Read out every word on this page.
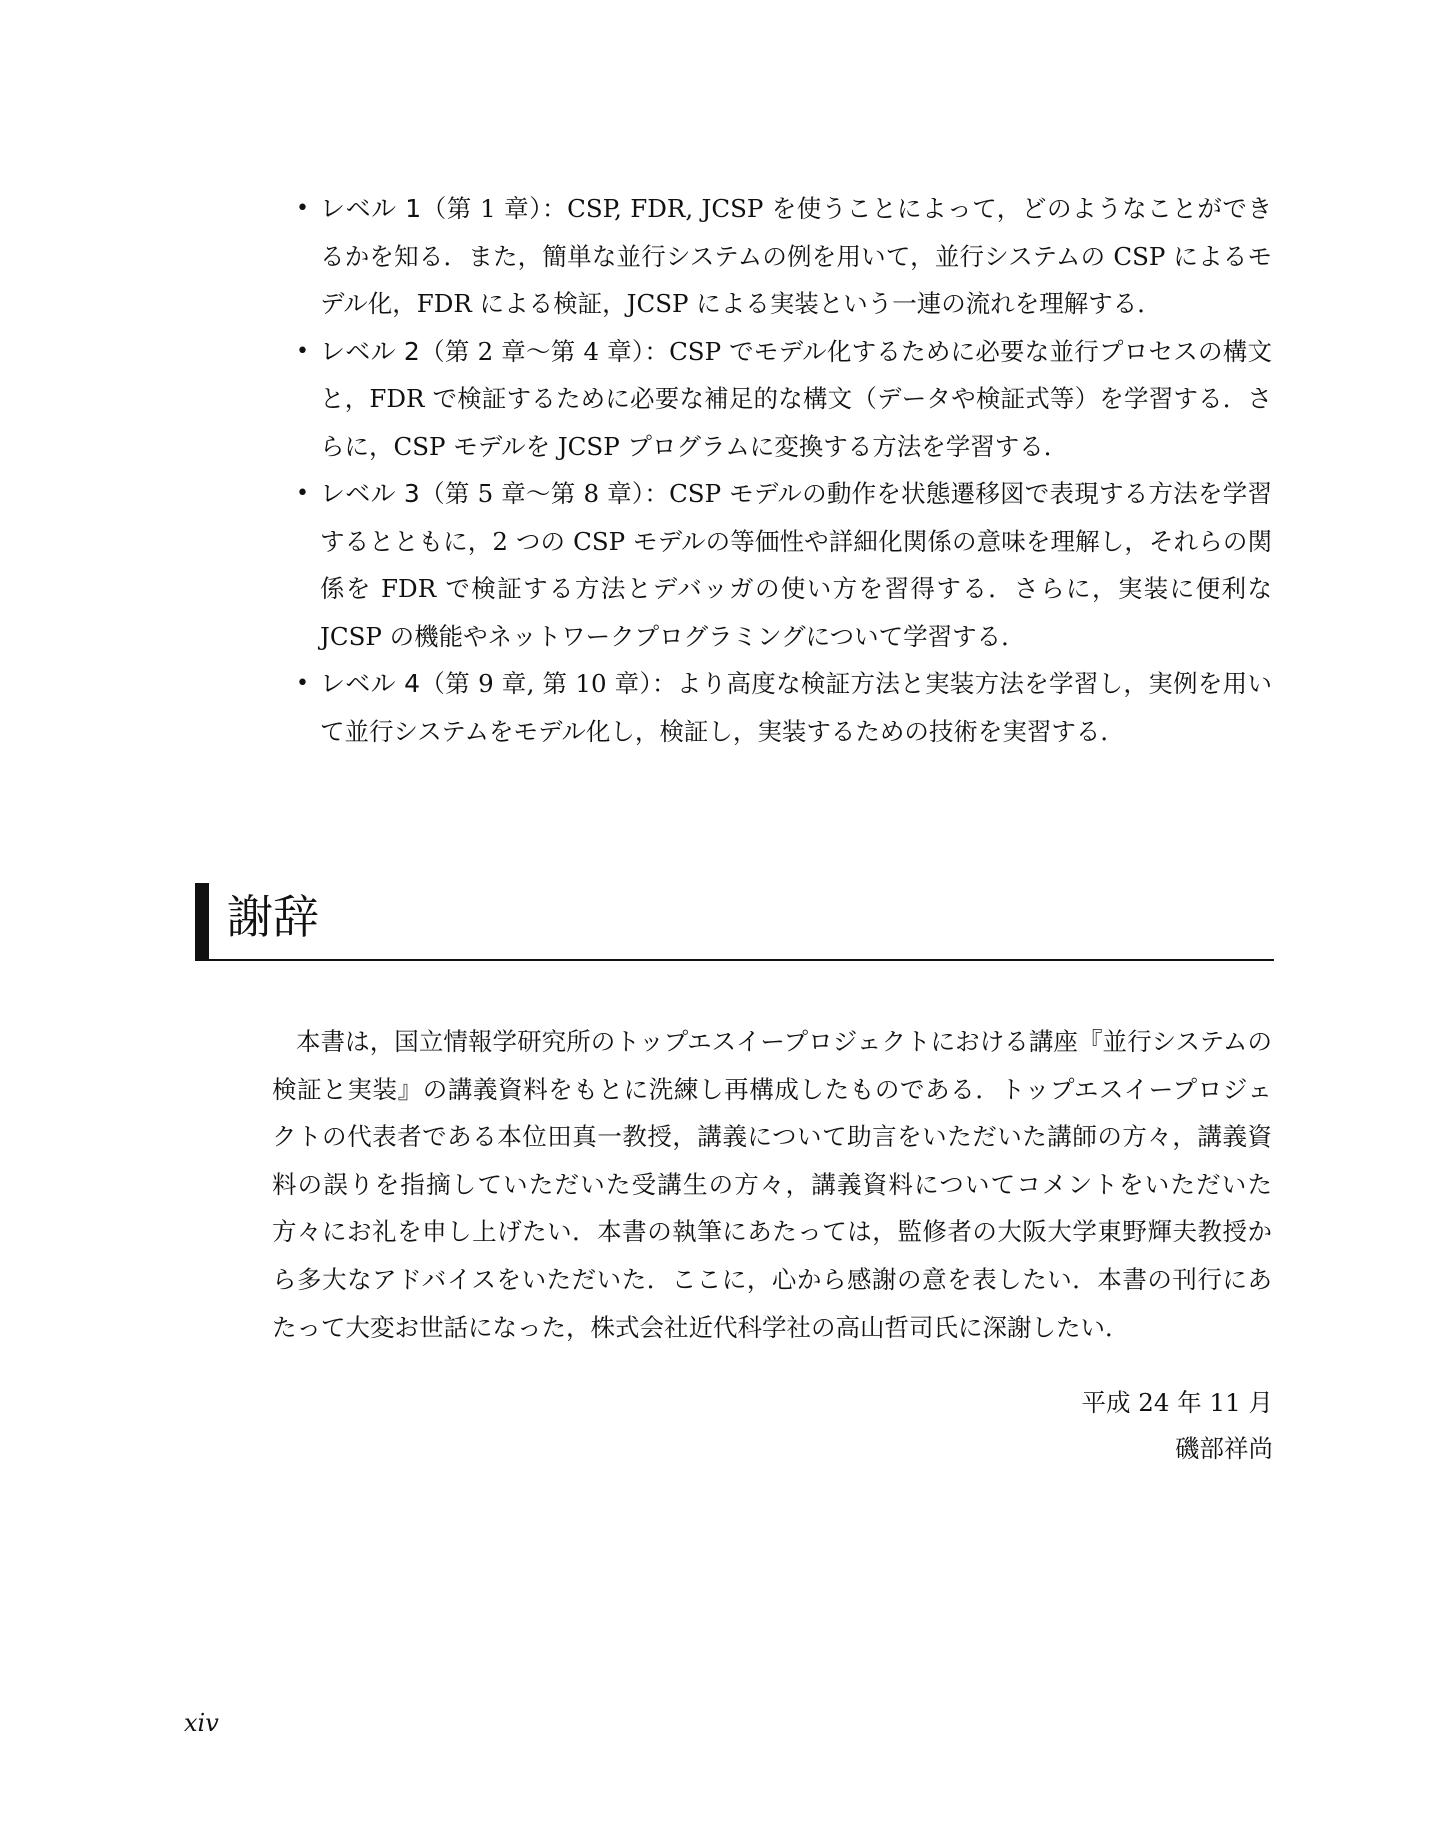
• レベル 1（第 1 章）：CSP, FDR, JCSP を使うことによって，どのようなことができるかを知る．また，簡単な並行システムの例を用いて，並行システムの CSP によるモデル化，FDR による検証，JCSP による実装という一連の流れを理解する．
• レベル 2（第 2 章〜第 4 章）：CSP でモデル化するために必要な並行プロセスの構文と，FDR で検証するために必要な補足的な構文（データや検証式等）を学習する．さらに，CSP モデルを JCSP プログラムに変換する方法を学習する．
• レベル 3（第 5 章〜第 8 章）：CSP モデルの動作を状態遷移図で表現する方法を学習するとともに，2 つの CSP モデルの等価性や詳細化関係の意味を理解し，それらの関係を FDR で検証する方法とデバッガの使い方を習得する．さらに，実装に便利な JCSP の機能やネットワークプログラミングについて学習する．
• レベル 4（第 9 章, 第 10 章）：より高度な検証方法と実装方法を学習し，実例を用いて並行システムをモデル化し，検証し，実装するための技術を実習する．
謝辞

本書は，国立情報学研究所のトップエスイープロジェクトにおける講座『並行システムの検証と実装』の講義資料をもとに洗練し再構成したものである．トップエスイープロジェクトの代表者である本位田真一教授，講義について助言をいただいた講師の方々，講義資料の誤りを指摘していただいた受講生の方々，講義資料についてコメントをいただいた方々にお礼を申し上げたい．本書の執筆にあたっては，監修者の大阪大学東野輝夫教授から多大なアドバイスをいただいた．ここに，心から感謝の意を表したい．本書の刊行にあたって大変お世話になった，株式会社近代科学社の高山哲司氏に深謝したい．

平成 24 年 11 月
磯部祥尚
xiv
